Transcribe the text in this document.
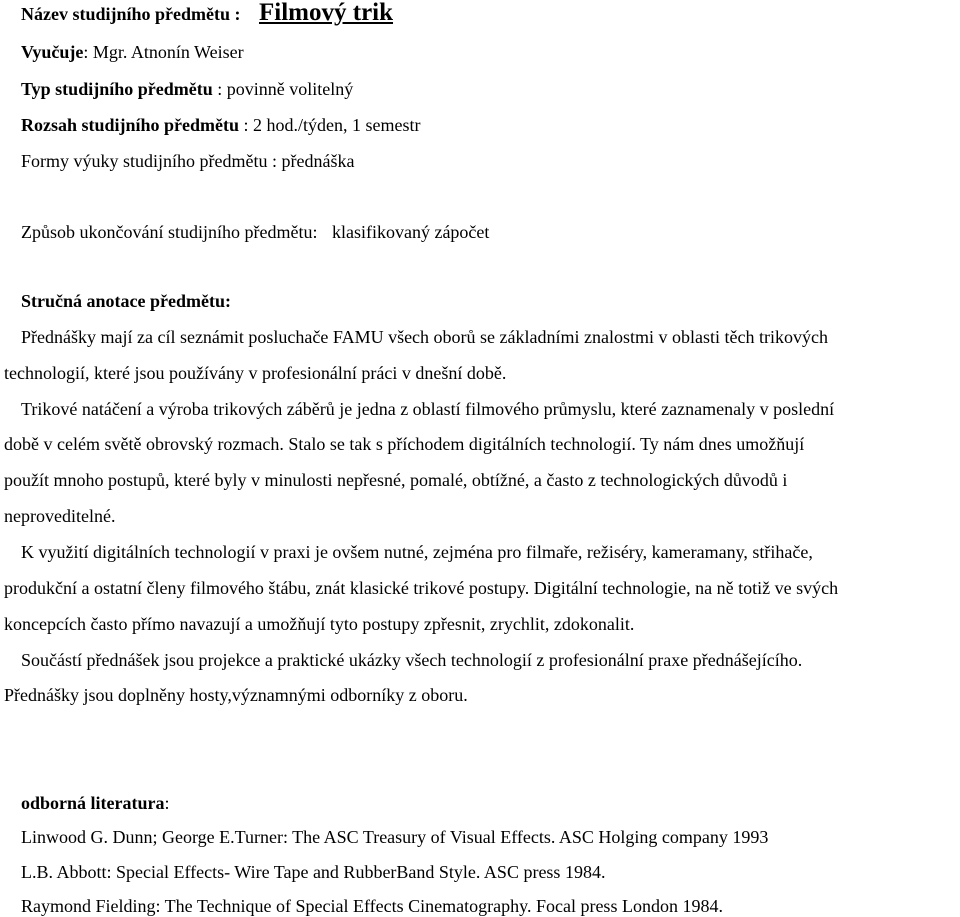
Název studijního předmětu : Filmový trik
Vyučuje: Mgr. Atnonín Weiser
Typ studijního předmětu : povinně volitelný
Rozsah studijního předmětu : 2 hod./týden, 1 semestr
Formy výuky studijního předmětu : přednáška
Způsob ukončování studijního předmětu: klasifikovaný zápočet
Stručná anotace předmětu:
Přednášky mají za cíl seznámit posluchače FAMU všech oborů se základními znalostmi v oblasti těch trikových
technologií, které jsou používány v profesionální práci v dnešní době.
Trikové natáčení a výroba trikových záběrů je jedna z oblastí filmového průmyslu, které zaznamenaly v poslední
době v celém světě obrovský rozmach. Stalo se tak s příchodem digitálních technologií. Ty nám dnes umožňují
použít mnoho postupů, které byly v minulosti nepřesné, pomalé, obtížné, a často z technologických důvodů i
neproveditelné.
K využití digitálních technologií v praxi je ovšem nutné, zejména pro filmaře, režiséry, kameramany, střihače,
produkční a ostatní členy filmového štábu, znát klasické trikové postupy. Digitální technologie, na ně totiž ve svých
koncepcích často přímo navazují a umožňují tyto postupy zpřesnit, zrychlit, zdokonalit.
Součástí přednášek jsou projekce a praktické ukázky všech technologií z profesionální praxe přednášejícího.
Přednášky jsou doplněny hosty,významnými odborníky z oboru.
odborná literatura:
Linwood G. Dunn; George E.Turner: The ASC Treasury of Visual Effects. ASC Holging company 1993
L.B. Abbott: Special Effects- Wire Tape and RubberBand Style. ASC press 1984.
Raymond Fielding: The Technique of Special Effects Cinematography. Focal press London 1984.
